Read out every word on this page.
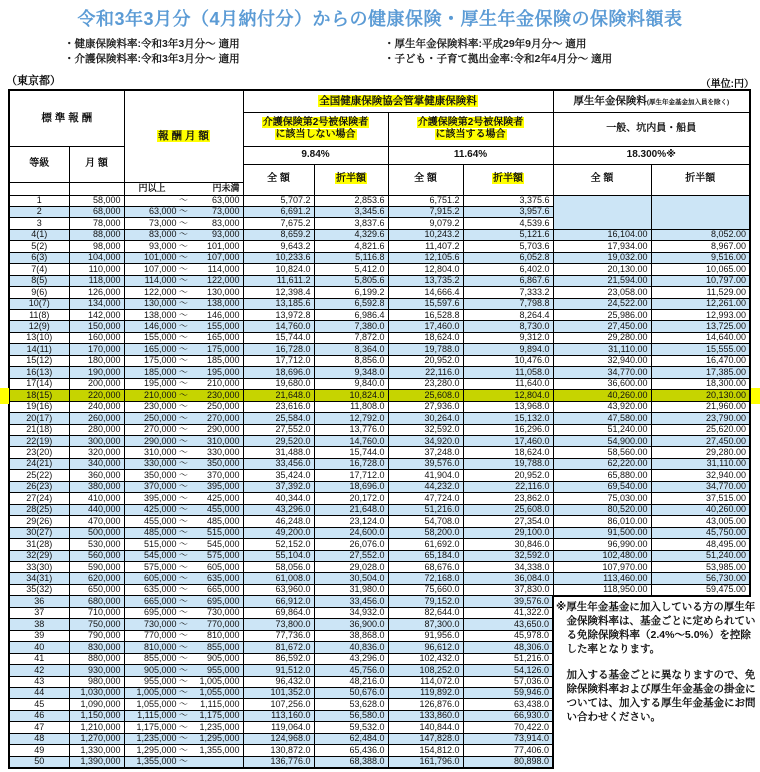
令和3年3月分（4月納付分）からの健康保険・厚生年金保険の保険料額表
・健康保険料率:令和3年3月分～ 適用	・厚生年金保険料率:平成29年9月分～ 適用
・介護保険料率:令和3年3月分～ 適用	・子ども・子育て拠出金率:令和2年4月分～ 適用
（東京都）	（単位:円）
標 準 報 酬		報 酬 月 額	全国健康保険協会管掌健康保険料				厚生年金保険料(厚生年金基金加入員を除く)	
			介護保険第2号被保険者
に該当しない場合		介護保険第2号被保険者
に該当する場合		一般、坑内員・船員	
等級	月 額		9.84%		11.64%		18.300%※	
			全 額	折半額	全 額	折半額	全 額	折半額

		円以上 円未満						

1	58,000	～ 63,000	5,707.2	2,853.6	6,751.2	3,375.6		
2	68,000	63,000 ～ 73,000	6,691.2	3,345.6	7,915.2	3,957.6		
3	78,000	73,000 ～ 83,000	7,675.2	3,837.6	9,079.2	4,539.6		
4(1)	88,000	83,000 ～ 93,000	8,659.2	4,329.6	10,243.2	5,121.6	16,104.00	8,052.00
5(2)	98,000	93,000 ～ 101,000	9,643.2	4,821.6	11,407.2	5,703.6	17,934.00	8,967.00
6(3)	104,000	101,000 ～ 107,000	10,233.6	5,116.8	12,105.6	6,052.8	19,032.00	9,516.00
7(4)	110,000	107,000 ～ 114,000	10,824.0	5,412.0	12,804.0	6,402.0	20,130.00	10,065.00
8(5)	118,000	114,000 ～ 122,000	11,611.2	5,805.6	13,735.2	6,867.6	21,594.00	10,797.00
9(6)	126,000	122,000 ～ 130,000	12,398.4	6,199.2	14,666.4	7,333.2	23,058.00	11,529.00
10(7)	134,000	130,000 ～ 138,000	13,185.6	6,592.8	15,597.6	7,798.8	24,522.00	12,261.00
11(8)	142,000	138,000 ～ 146,000	13,972.8	6,986.4	16,528.8	8,264.4	25,986.00	12,993.00
12(9)	150,000	146,000 ～ 155,000	14,760.0	7,380.0	17,460.0	8,730.0	27,450.00	13,725.00
13(10)	160,000	155,000 ～ 165,000	15,744.0	7,872.0	18,624.0	9,312.0	29,280.00	14,640.00
14(11)	170,000	165,000 ～ 175,000	16,728.0	8,364.0	19,788.0	9,894.0	31,110.00	15,555.00
15(12)	180,000	175,000 ～ 185,000	17,712.0	8,856.0	20,952.0	10,476.0	32,940.00	16,470.00
16(13)	190,000	185,000 ～ 195,000	18,696.0	9,348.0	22,116.0	11,058.0	34,770.00	17,385.00
17(14)	200,000	195,000 ～ 210,000	19,680.0	9,840.0	23,280.0	11,640.0	36,600.00	18,300.00
18(15)	220,000	210,000 ～ 230,000	21,648.0	10,824.0	25,608.0	12,804.0	40,260.00	20,130.00
19(16)	240,000	230,000 ～ 250,000	23,616.0	11,808.0	27,936.0	13,968.0	43,920.00	21,960.00
20(17)	260,000	250,000 ～ 270,000	25,584.0	12,792.0	30,264.0	15,132.0	47,580.00	23,790.00
21(18)	280,000	270,000 ～ 290,000	27,552.0	13,776.0	32,592.0	16,296.0	51,240.00	25,620.00
22(19)	300,000	290,000 ～ 310,000	29,520.0	14,760.0	34,920.0	17,460.0	54,900.00	27,450.00
23(20)	320,000	310,000 ～ 330,000	31,488.0	15,744.0	37,248.0	18,624.0	58,560.00	29,280.00
24(21)	340,000	330,000 ～ 350,000	33,456.0	16,728.0	39,576.0	19,788.0	62,220.00	31,110.00
25(22)	360,000	350,000 ～ 370,000	35,424.0	17,712.0	41,904.0	20,952.0	65,880.00	32,940.00
26(23)	380,000	370,000 ～ 395,000	37,392.0	18,696.0	44,232.0	22,116.0	69,540.00	34,770.00
27(24)	410,000	395,000 ～ 425,000	40,344.0	20,172.0	47,724.0	23,862.0	75,030.00	37,515.00
28(25)	440,000	425,000 ～ 455,000	43,296.0	21,648.0	51,216.0	25,608.0	80,520.00	40,260.00
29(26)	470,000	455,000 ～ 485,000	46,248.0	23,124.0	54,708.0	27,354.0	86,010.00	43,005.00
30(27)	500,000	485,000 ～ 515,000	49,200.0	24,600.0	58,200.0	29,100.0	91,500.00	45,750.00
31(28)	530,000	515,000 ～ 545,000	52,152.0	26,076.0	61,692.0	30,846.0	96,990.00	48,495.00
32(29)	560,000	545,000 ～ 575,000	55,104.0	27,552.0	65,184.0	32,592.0	102,480.00	51,240.00
33(30)	590,000	575,000 ～ 605,000	58,056.0	29,028.0	68,676.0	34,338.0	107,970.00	53,985.00
34(31)	620,000	605,000 ～ 635,000	61,008.0	30,504.0	72,168.0	36,084.0	113,460.00	56,730.00
35(32)	650,000	635,000 ～ 665,000	63,960.0	31,980.0	75,660.0	37,830.0	118,950.00	59,475.00
36	680,000	665,000 ～ 695,000	66,912.0	33,456.0	79,152.0	39,576.0		
37	710,000	695,000 ～ 730,000	69,864.0	34,932.0	82,644.0	41,322.0		
38	750,000	730,000 ～ 770,000	73,800.0	36,900.0	87,300.0	43,650.0		
39	790,000	770,000 ～ 810,000	77,736.0	38,868.0	91,956.0	45,978.0		
40	830,000	810,000 ～ 855,000	81,672.0	40,836.0	96,612.0	48,306.0		
41	880,000	855,000 ～ 905,000	86,592.0	43,296.0	102,432.0	51,216.0		
42	930,000	905,000 ～ 955,000	91,512.0	45,756.0	108,252.0	54,126.0		
43	980,000	955,000 ～ 1,005,000	96,432.0	48,216.0	114,072.0	57,036.0		
44	1,030,000	1,005,000 ～ 1,055,000	101,352.0	50,676.0	119,892.0	59,946.0		
45	1,090,000	1,055,000 ～ 1,115,000	107,256.0	53,628.0	126,876.0	63,438.0		
46	1,150,000	1,115,000 ～ 1,175,000	113,160.0	56,580.0	133,860.0	66,930.0		
47	1,210,000	1,175,000 ～ 1,235,000	119,064.0	59,532.0	140,844.0	70,422.0		
48	1,270,000	1,235,000 ～ 1,295,000	124,968.0	62,484.0	147,828.0	73,914.0		
49	1,330,000	1,295,000 ～ 1,355,000	130,872.0	65,436.0	154,812.0	77,406.0		
50	1,390,000	1,355,000 ～	136,776.0	68,388.0	161,796.0	80,898.0		

※厚生年金基金に加入している方の厚生年金保険料率は、基金ごとに定められている免除保険料率（2.4%～5.0%）を控除した率となります。

加入する基金ごとに異なりますので、免除保険料率および厚生年金基金の掛金については、加入する厚生年金基金にお問い合わせください。
